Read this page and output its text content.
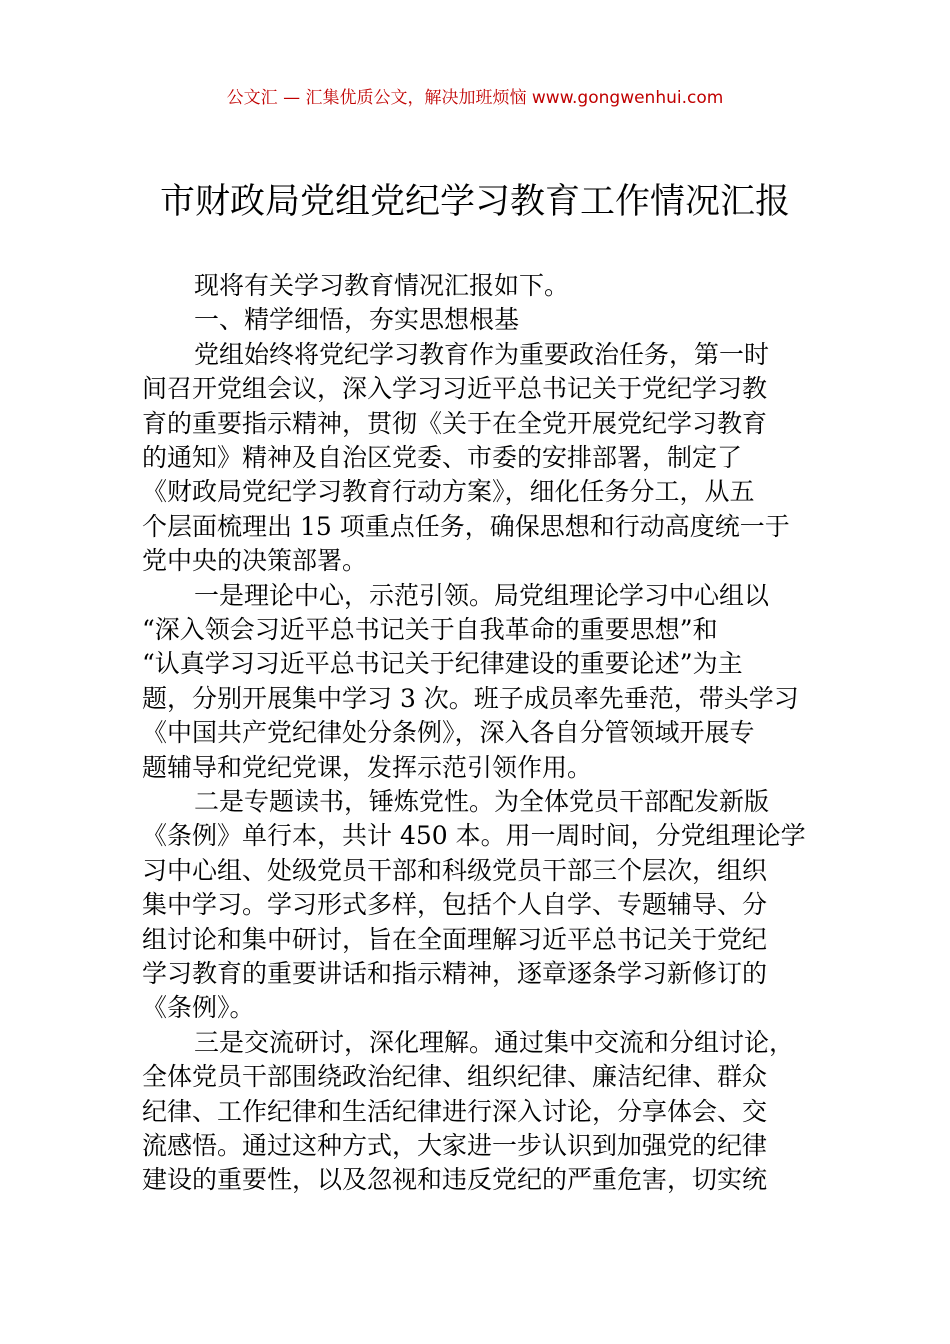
公文汇 — 汇集优质公文，解决加班烦恼 www.gongwenhui.com
市财政局党组党纪学习教育工作情况汇报
现将有关学习教育情况汇报如下。
一、精学细悟，夯实思想根基
党组始终将党纪学习教育作为重要政治任务，第一时
间召开党组会议，深入学习习近平总书记关于党纪学习教
育的重要指示精神，贯彻《关于在全党开展党纪学习教育
的通知》精神及自治区党委、市委的安排部署，制定了
《财政局党纪学习教育行动方案》，细化任务分工，从五
个层面梳理出 15 项重点任务，确保思想和行动高度统一于
党中央的决策部署。
一是理论中心，示范引领。局党组理论学习中心组以
“深入领会习近平总书记关于自我革命的重要思想”和
“认真学习习近平总书记关于纪律建设的重要论述”为主
题，分别开展集中学习 3 次。班子成员率先垂范，带头学习
《中国共产党纪律处分条例》，深入各自分管领域开展专
题辅导和党纪党课，发挥示范引领作用。
二是专题读书，锤炼党性。为全体党员干部配发新版
《条例》单行本，共计 450 本。用一周时间，分党组理论学
习中心组、处级党员干部和科级党员干部三个层次，组织
集中学习。学习形式多样，包括个人自学、专题辅导、分
组讨论和集中研讨，旨在全面理解习近平总书记关于党纪
学习教育的重要讲话和指示精神，逐章逐条学习新修订的
《条例》。
三是交流研讨，深化理解。通过集中交流和分组讨论，
全体党员干部围绕政治纪律、组织纪律、廉洁纪律、群众
纪律、工作纪律和生活纪律进行深入讨论，分享体会、交
流感悟。通过这种方式，大家进一步认识到加强党的纪律
建设的重要性，以及忽视和违反党纪的严重危害，切实统
